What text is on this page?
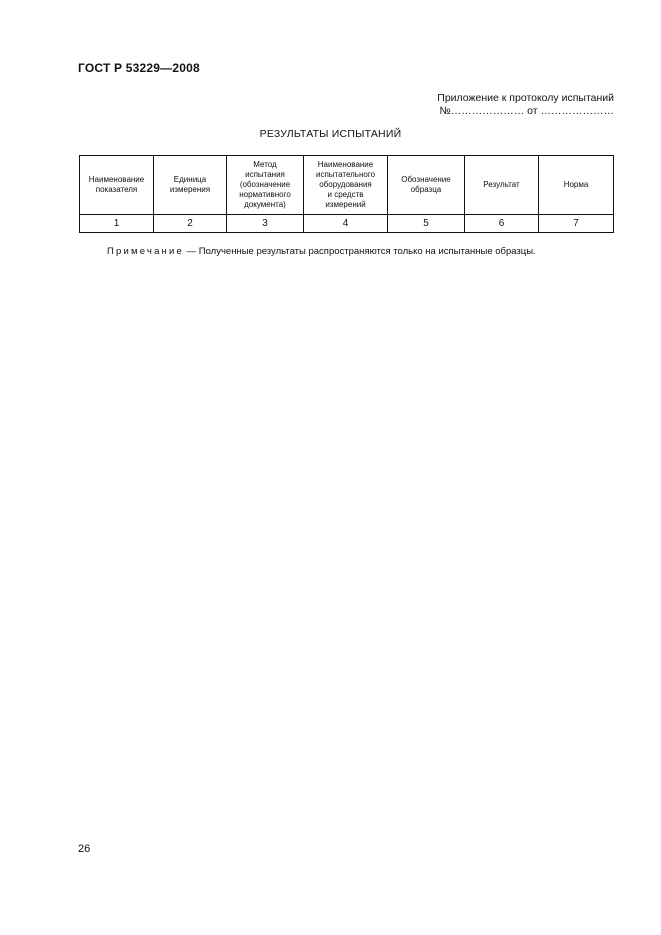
ГОСТ Р 53229—2008
Приложение к протоколу испытаний
№………………… от …………………
РЕЗУЛЬТАТЫ ИСПЫТАНИЙ
Наименование
показателя	Единица
измерения	Метод
испытания
(обозначение
нормативного
документа)	Наименование
испытательного
оборудования
и средств
измерений	Обозначение
образца	Результат	Норма
1	2	3	4	5	6	7
Примечание — Полученные результаты распространяются только на испытанные образцы.
26
